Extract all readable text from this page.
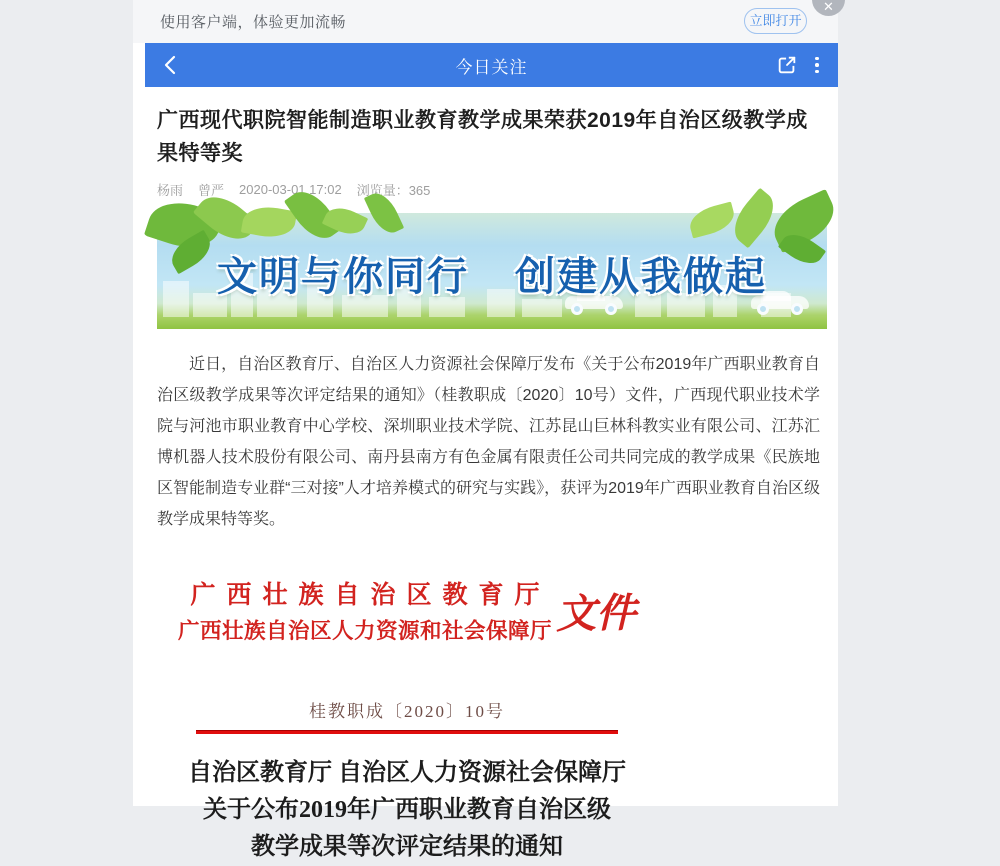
使用客户端，体验更加流畅	立即打开
✕
今日关注
广西现代职院智能制造职业教育教学成果荣获2019年自治区级教学成果特等奖
杨雨 曾严 2020-03-01 17:02 浏览量：365
文明与你同行 创建从我做起

近日，自治区教育厅、自治区人力资源社会保障厅发布《关于公布2019年广西职业教育自治区级教学成果等次评定结果的通知》（桂教职成〔2020〕10号）文件，广西现代职业技术学院与河池市职业教育中心学校、深圳职业技术学院、江苏昆山巨林科教实业有限公司、江苏汇博机器人技术股份有限公司、南丹县南方有色金属有限责任公司共同完成的教学成果《民族地区智能制造专业群“三对接”人才培养模式的研究与实践》，获评为2019年广西职业教育自治区级教学成果特等奖。

广西壮族自治区教育厅
广西壮族自治区人力资源和社会保障厅 文件
桂教职成〔2020〕10号
自治区教育厅 自治区人力资源社会保障厅
关于公布2019年广西职业教育自治区级
教学成果等次评定结果的通知
